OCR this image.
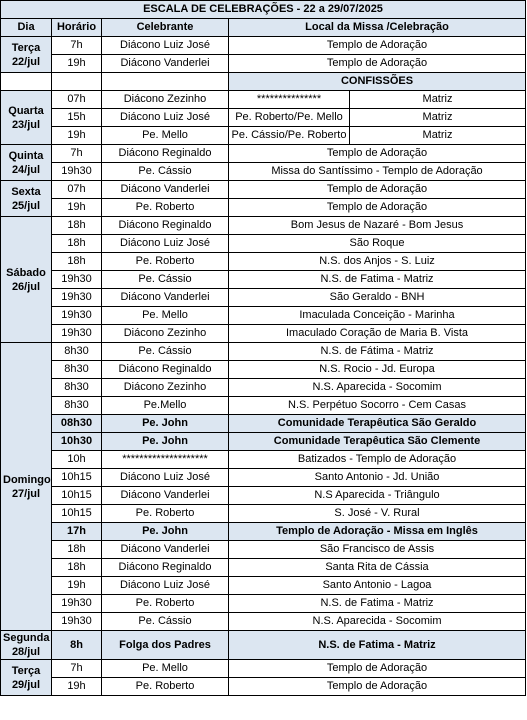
ESCALA DE CELEBRAÇÕES - 22 a 29/07/2025				
Dia	Horário	Celebrante	Local da Missa /Celebração	

Terça
22/jul	7h	Diácono Luiz José	Templo de Adoração	
	19h	Diácono Vanderlei	Templo de Adoração	
			CONFISSÕES	

Quarta
23/jul	07h	Diácono Zezinho	***************	Matriz
	15h	Diácono Luiz José	Pe. Roberto/Pe. Mello	Matriz
	19h	Pe. Mello	Pe. Cássio/Pe. Roberto	Matriz

Quinta
24/jul	7h	Diácono Reginaldo	Templo de Adoração	
	19h30	Pe. Cássio	Missa do Santíssimo - Templo de Adoração	

Sexta
25/jul	07h	Diácono Vanderlei	Templo de Adoração	
	19h	Pe. Roberto	Templo de Adoração	

Sábado
26/jul	18h	Diácono Reginaldo	Bom Jesus de Nazaré - Bom Jesus	
	18h	Diácono Luiz José	São Roque	
	18h	Pe. Roberto	N.S. dos Anjos - S. Luiz	
	19h30	Pe. Cássio	N.S. de Fatima - Matriz	
	19h30	Diácono Vanderlei	São Geraldo - BNH	
	19h30	Pe. Mello	Imaculada Conceição - Marinha	
	19h30	Diácono Zezinho	Imaculado Coração de Maria B. Vista	

Domingo
27/jul	8h30	Pe. Cássio	N.S. de Fátima - Matriz	
	8h30	Diácono Reginaldo	N.S. Rocio - Jd. Europa	
	8h30	Diácono Zezinho	N.S. Aparecida - Socomim	
	8h30	Pe.Mello	N.S. Perpétuo Socorro - Cem Casas	
	08h30	Pe. John	Comunidade Terapêutica São Geraldo	
	10h30	Pe. John	Comunidade Terapêutica São Clemente	
	10h	********************	Batizados - Templo de Adoração	
	10h15	Diácono Luiz José	Santo Antonio - Jd. União	
	10h15	Diácono Vanderlei	N.S Aparecida - Triângulo	
	10h15	Pe. Roberto	S. José - V. Rural	
	17h	Pe. John	Templo de Adoração - Missa em Inglês	
	18h	Diácono Vanderlei	São Francisco de Assis	
	18h	Diácono Reginaldo	Santa Rita de Cássia	
	19h	Diácono Luiz José	Santo Antonio - Lagoa	
	19h30	Pe. Roberto	N.S. de Fatima - Matriz	
	19h30	Pe. Cássio	N.S. Aparecida - Socomim	

Segunda
28/jul	8h	Folga dos Padres	N.S. de Fatima - Matriz	

Terça
29/jul	7h	Pe. Mello	Templo de Adoração	
	19h	Pe. Roberto	Templo de Adoração	
